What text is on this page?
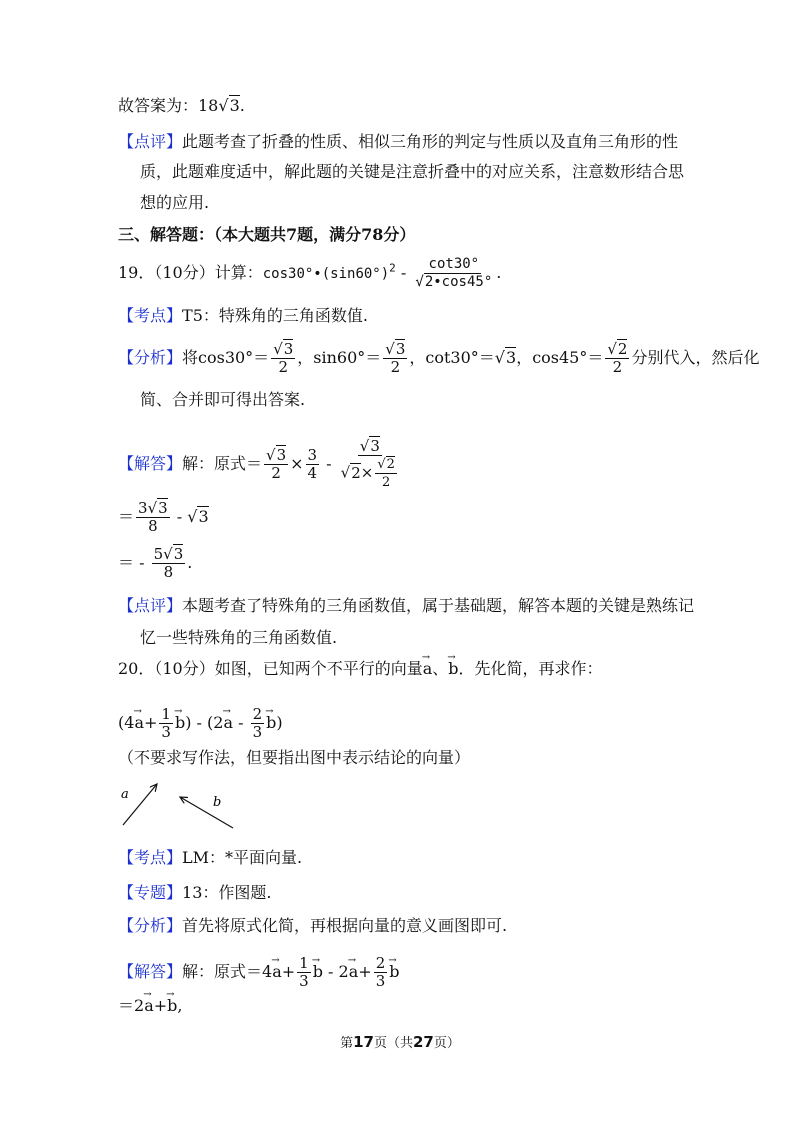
故答案为：18√3.
【点评】此题考查了折叠的性质、相似三角形的判定与性质以及直角三角形的性
质，此题难度适中，解此题的关键是注意折叠中的对应关系，注意数形结合思
想的应用.
三、解答题：（本大题共7题，满分78分）
19．（10分）计算：$\cos 30^\circ•(\sin 60^\circ)^2 - \frac{\cot 30^\circ}{√2•\cos 45^\circ}$ .
【考点】T5：特殊角的三角函数值.
【分析】将$\cos 30^\circ= \frac{√3}{2}$ ，$\sin 60^\circ= \frac{√3}{2}$ ，cot30°＝√3，$\cos 45^\circ= \frac{√2}{2}$ 分别代入，然后化
简、合并即可得出答案.
【解答】解：原式＝ $\frac{√3}{2} \times \frac{3}{4} - \frac{√3}{√2\times \frac{√2}{2}}$
＝ $\frac{3√3}{8} - √3$
＝ - $\frac{5√3}{8}$ .
【点评】本题考查了特殊角的三角函数值，属于基础题，解答本题的关键是熟练记
忆一些特殊角的三角函数值.
20．（10分）如图，已知两个不平行的向量→ a、→ b．先化简，再求作：
($4\to a+ \frac{1}{3}$
→ $b) - (2\to a - \frac{2}{3}$
→ b)
（不要求写作法，但要指出图中表示结论的向量）
a
b
【考点】LM：*平面向量.
【专题】13：作图题.
【分析】首先将原式化简，再根据向量的意义画图即可.
【解答】解：原式$=4\to a+ \frac{1}{3}$
→ $b - 2\to a+ \frac{2}{3}$
→ b
＝2→ a+→ b,
第17页（共27页）
